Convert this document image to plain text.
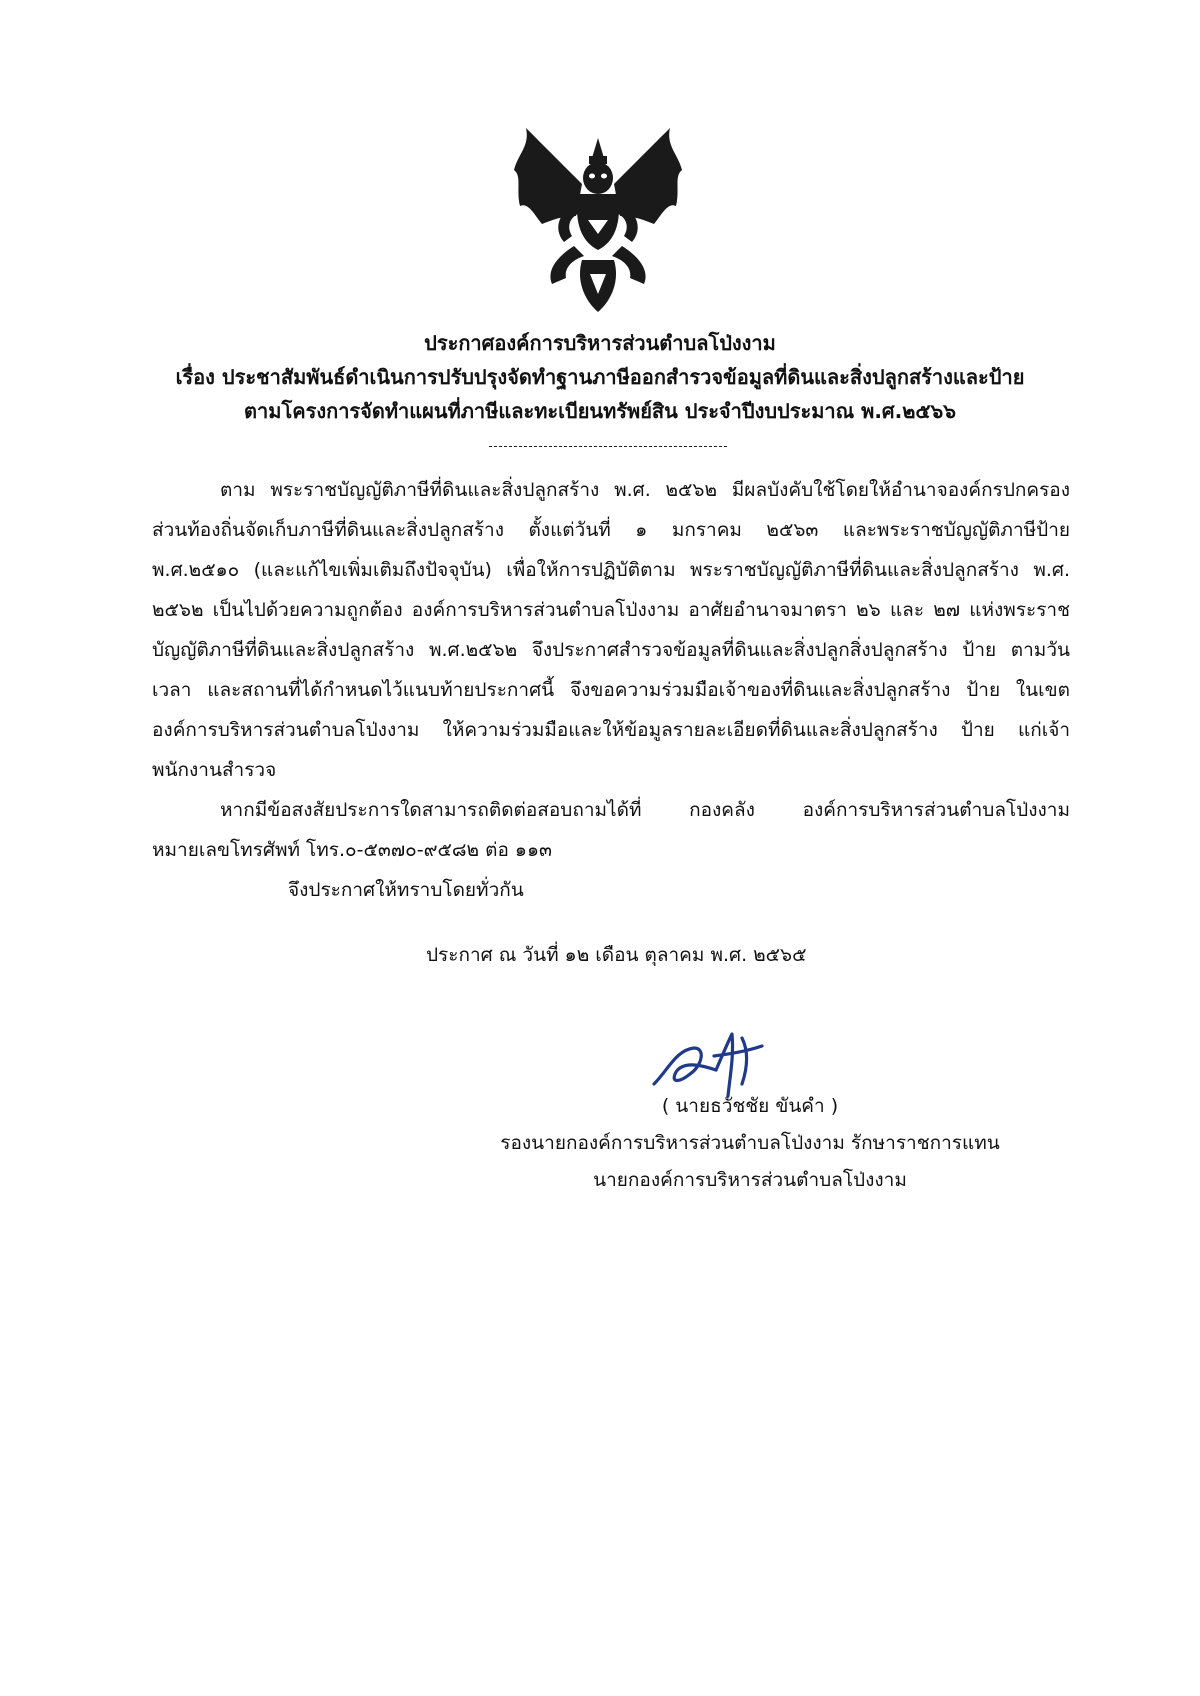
ประกาศองค์การบริหารส่วนตำบลโป่งงาม
เรื่อง ประชาสัมพันธ์ดำเนินการปรับปรุงจัดทำฐานภาษีออกสำรวจข้อมูลที่ดินและสิ่งปลูกสร้างและป้าย
ตามโครงการจัดทำแผนที่ภาษีและทะเบียนทรัพย์สิน ประจำปีงบประมาณ พ.ศ.๒๕๖๖

ตาม พระราชบัญญัติภาษีที่ดินและสิ่งปลูกสร้าง พ.ศ. ๒๕๖๒ มีผลบังคับใช้โดยให้อำนาจองค์กรปกครองส่วนท้องถิ่นจัดเก็บภาษีที่ดินและสิ่งปลูกสร้าง ตั้งแต่วันที่ ๑ มกราคม ๒๕๖๓ และพระราชบัญญัติภาษีป้าย พ.ศ.๒๕๑๐ (และแก้ไขเพิ่มเติมถึงปัจจุบัน) เพื่อให้การปฏิบัติตาม พระราชบัญญัติภาษีที่ดินและสิ่งปลูกสร้าง พ.ศ. ๒๕๖๒ เป็นไปด้วยความถูกต้อง องค์การบริหารส่วนตำบลโป่งงาม อาศัยอำนาจมาตรา ๒๖ และ ๒๗ แห่งพระราชบัญญัติภาษีที่ดินและสิ่งปลูกสร้าง พ.ศ.๒๕๖๒ จึงประกาศสำรวจข้อมูลที่ดินและสิ่งปลูกสิ่งปลูกสร้าง ป้าย ตามวัน เวลา และสถานที่ได้กำหนดไว้แนบท้ายประกาศนี้ จึงขอความร่วมมือเจ้าของที่ดินและสิ่งปลูกสร้าง ป้าย ในเขตองค์การบริหารส่วนตำบลโป่งงาม ให้ความร่วมมือและให้ข้อมูลรายละเอียดที่ดินและสิ่งปลูกสร้าง ป้าย แก่เจ้าพนักงานสำรวจ

หากมีข้อสงสัยประการใดสามารถติดต่อสอบถามได้ที่ กองคลัง องค์การบริหารส่วนตำบลโป่งงาม หมายเลขโทรศัพท์ โทร.๐-๕๓๗๐-๙๕๘๒ ต่อ ๑๑๓

จึงประกาศให้ทราบโดยทั่วกัน

ประกาศ ณ วันที่ ๑๒ เดือน ตุลาคม พ.ศ. ๒๕๖๕
( นายธวัชชัย ขันคำ )
รองนายกองค์การบริหารส่วนตำบลโป่งงาม รักษาราชการแทน
นายกองค์การบริหารส่วนตำบลโป่งงาม
